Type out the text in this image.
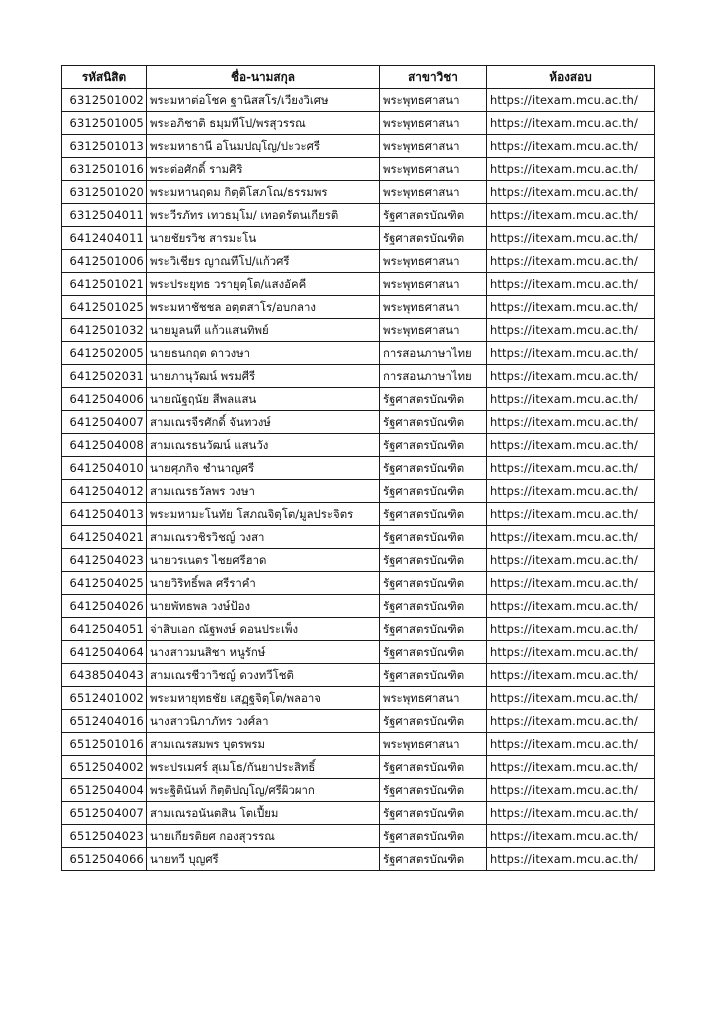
รหัสนิสิต	ชื่อ-นามสกุล	สาขาวิชา	ห้องสอบ
6312501002	พระมหาต่อโชค ฐานิสสโร/เวียงวิเศษ	พระพุทธศาสนา	https://itexam.mcu.ac.th/
6312501005	พระอภิชาติ ธมฺมทีโป/พรสุวรรณ	พระพุทธศาสนา	https://itexam.mcu.ac.th/
6312501013	พระมหาธานี อโนมปญฺโญ/ปะวะศรี	พระพุทธศาสนา	https://itexam.mcu.ac.th/
6312501016	พระต่อศักดิ์ รามศิริ	พระพุทธศาสนา	https://itexam.mcu.ac.th/
6312501020	พระมหานฤดม กิตฺติโสภโณ/ธรรมพร	พระพุทธศาสนา	https://itexam.mcu.ac.th/
6312504011	พระวีรภัทร เทวธมฺโม/ เทอดรัตนเกียรติ	รัฐศาสตรบัณฑิต	https://itexam.mcu.ac.th/
6412404011	นายชัยรวิช สารมะโน	รัฐศาสตรบัณฑิต	https://itexam.mcu.ac.th/
6412501006	พระวิเชียร ญาณทีโป/แก้วศรี	พระพุทธศาสนา	https://itexam.mcu.ac.th/
6412501021	พระประยุทธ วรายุตฺโต/แสงอัคคี	พระพุทธศาสนา	https://itexam.mcu.ac.th/
6412501025	พระมหาชัชชล อตฺตสาโร/อบกลาง	พระพุทธศาสนา	https://itexam.mcu.ac.th/
6412501032	นายมูลนที แก้วแสนทิพย์	พระพุทธศาสนา	https://itexam.mcu.ac.th/
6412502005	นายธนกฤต ดาวงษา	การสอนภาษาไทย	https://itexam.mcu.ac.th/
6412502031	นายภานุวัฒน์ พรมศีรี	การสอนภาษาไทย	https://itexam.mcu.ac.th/
6412504006	นายณัฐฤนัย สีพลแสน	รัฐศาสตรบัณฑิต	https://itexam.mcu.ac.th/
6412504007	สามเณรจีรศักดิ์ จันทวงษ์	รัฐศาสตรบัณฑิต	https://itexam.mcu.ac.th/
6412504008	สามเณรธนวัฒน์ แสนวัง	รัฐศาสตรบัณฑิต	https://itexam.mcu.ac.th/
6412504010	นายศุภกิจ ชำนาญศรี	รัฐศาสตรบัณฑิต	https://itexam.mcu.ac.th/
6412504012	สามเณรธวัลพร วงษา	รัฐศาสตรบัณฑิต	https://itexam.mcu.ac.th/
6412504013	พระมหามะโนทัย โสภณจิตฺโต/มูลประจิตร	รัฐศาสตรบัณฑิต	https://itexam.mcu.ac.th/
6412504021	สามเณรวชิรวิชญ์ วงสา	รัฐศาสตรบัณฑิต	https://itexam.mcu.ac.th/
6412504023	นายวรเนตร ไชยศรีฮาด	รัฐศาสตรบัณฑิต	https://itexam.mcu.ac.th/
6412504025	นายวิริทธิ์พล ศรีราคำ	รัฐศาสตรบัณฑิต	https://itexam.mcu.ac.th/
6412504026	นายพัทธพล วงษ์ป้อง	รัฐศาสตรบัณฑิต	https://itexam.mcu.ac.th/
6412504051	จ่าสิบเอก ณัฐพงษ์ ดอนประเพ็ง	รัฐศาสตรบัณฑิต	https://itexam.mcu.ac.th/
6412504064	นางสาวมนสิชา หนูรักษ์	รัฐศาสตรบัณฑิต	https://itexam.mcu.ac.th/
6438504043	สามเณรชีวาวิชญ์ ดวงทวีโชติ	รัฐศาสตรบัณฑิต	https://itexam.mcu.ac.th/
6512401002	พระมหายุทธชัย เสฏฺฐจิตฺโต/พลอาจ	พระพุทธศาสนา	https://itexam.mcu.ac.th/
6512404016	นางสาวนิภาภัทร วงศ์ลา	รัฐศาสตรบัณฑิต	https://itexam.mcu.ac.th/
6512501016	สามเณรสมพร บุตรพรม	พระพุทธศาสนา	https://itexam.mcu.ac.th/
6512504002	พระปรเมศร์ สุเมโธ/กันยาประสิทธิ์	รัฐศาสตรบัณฑิต	https://itexam.mcu.ac.th/
6512504004	พระฐิตินันท์ กิตฺติปญฺโญ/ศรีผิวผาก	รัฐศาสตรบัณฑิต	https://itexam.mcu.ac.th/
6512504007	สามเณรอนันตสิน โตเปี้ยม	รัฐศาสตรบัณฑิต	https://itexam.mcu.ac.th/
6512504023	นายเกียรติยศ กองสุวรรณ	รัฐศาสตรบัณฑิต	https://itexam.mcu.ac.th/
6512504066	นายทวี บุญศรี	รัฐศาสตรบัณฑิต	https://itexam.mcu.ac.th/
